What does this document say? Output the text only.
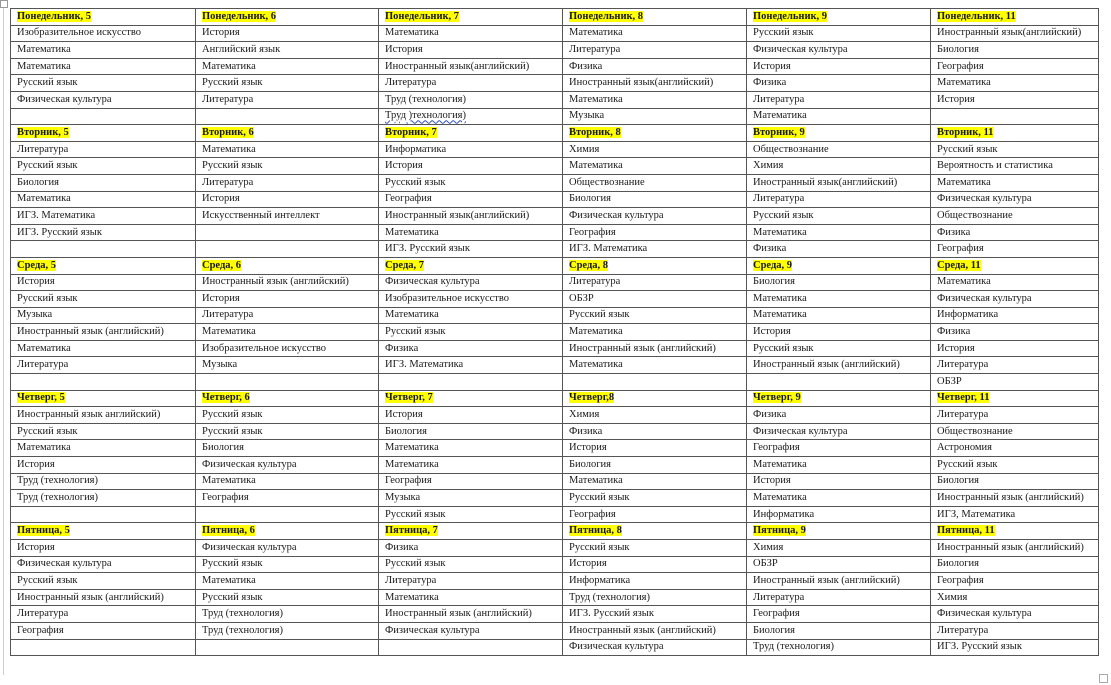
Понедельник, 5	Понедельник, 6	Понедельник, 7	Понедельник, 8	Понедельник, 9	Понедельник, 11
Изобразительное искусство	История	Математика	Математика	Русский язык	Иностранный язык(английский)
Математика	Английский язык	История	Литература	Физическая культура	Биология
Математика	Математика	Иностранный язык(английский)	Физика	История	География
Русский язык	Русский язык	Литература	Иностранный язык(английский)	Физика	Математика
Физическая культура	Литература	Труд (технология)	Математика	Литература	История
		Труд )технология)	Музыка	Математика	
Вторник, 5	Вторник, 6	Вторник, 7	Вторник, 8	Вторник, 9	Вторник, 11
Литература	Математика	Информатика	Химия	Обществознание	Русский язык
Русский язык	Русский язык	История	Математика	Химия	Вероятность и статистика
Биология	Литература	Русский язык	Обществознание	Иностранный язык(английский)	Математика
Математика	История	География	Биология	Литература	Физическая культура
ИГЗ. Математика	Искусственный интеллект	Иностранный язык(английский)	Физическая культура	Русский язык	Обществознание
ИГЗ. Русский язык		Математика	География	Математика	Физика
		ИГЗ. Русский язык	ИГЗ. Математика	Физика	География
Среда, 5	Среда, 6	Среда, 7	Среда, 8	Среда, 9	Среда, 11
История	Иностранный язык (английский)	Физическая культура	Литература	Биология	Математика
Русский язык	История	Изобразительное искусство	ОБЗР	Математика	Физическая культура
Музыка	Литература	Математика	Русский язык	Математика	Информатика
Иностранный язык (английский)	Математика	Русский язык	Математика	История	Физика
Математика	Изобразительное искусство	Физика	Иностранный язык (английский)	Русский язык	История
Литература	Музыка	ИГЗ. Математика	Математика	Иностранный язык (английский)	Литература
					ОБЗР
Четверг, 5	Четверг, 6	Четверг, 7	Четверг,8	Четверг, 9	Четверг, 11
Иностранный язык английский)	Русский язык	История	Химия	Физика	Литература
Русский язык	Русский язык	Биология	Физика	Физическая культура	Обществознание
Математика	Биология	Математика	История	География	Астрономия
История	Физическая культура	Математика	Биология	Математика	Русский язык
Труд (технология)	Математика	География	Математика	История	Биология
Труд (технология)	География	Музыка	Русский язык	Математика	Иностранный язык (английский)
		Русский язык	География	Информатика	ИГЗ, Математика
Пятница, 5	Пятница, 6	Пятница, 7	Пятница, 8	Пятница, 9	Пятница, 11
История	Физическая культура	Физика	Русский язык	Химия	Иностранный язык (английский)
Физическая культура	Русский язык	Русский язык	История	ОБЗР	Биология
Русский язык	Математика	Литература	Информатика	Иностранный язык (английский)	География
Иностранный язык (английский)	Русский язык	Математика	Труд (технология)	Литература	Химия
Литература	Труд (технология)	Иностранный язык (английский)	ИГЗ. Русский язык	География	Физическая культура
География	Труд (технология)	Физическая культура	Иностранный язык (английский)	Биология	Литература
			Физическая культура	Труд (технология)	ИГЗ. Русский язык
